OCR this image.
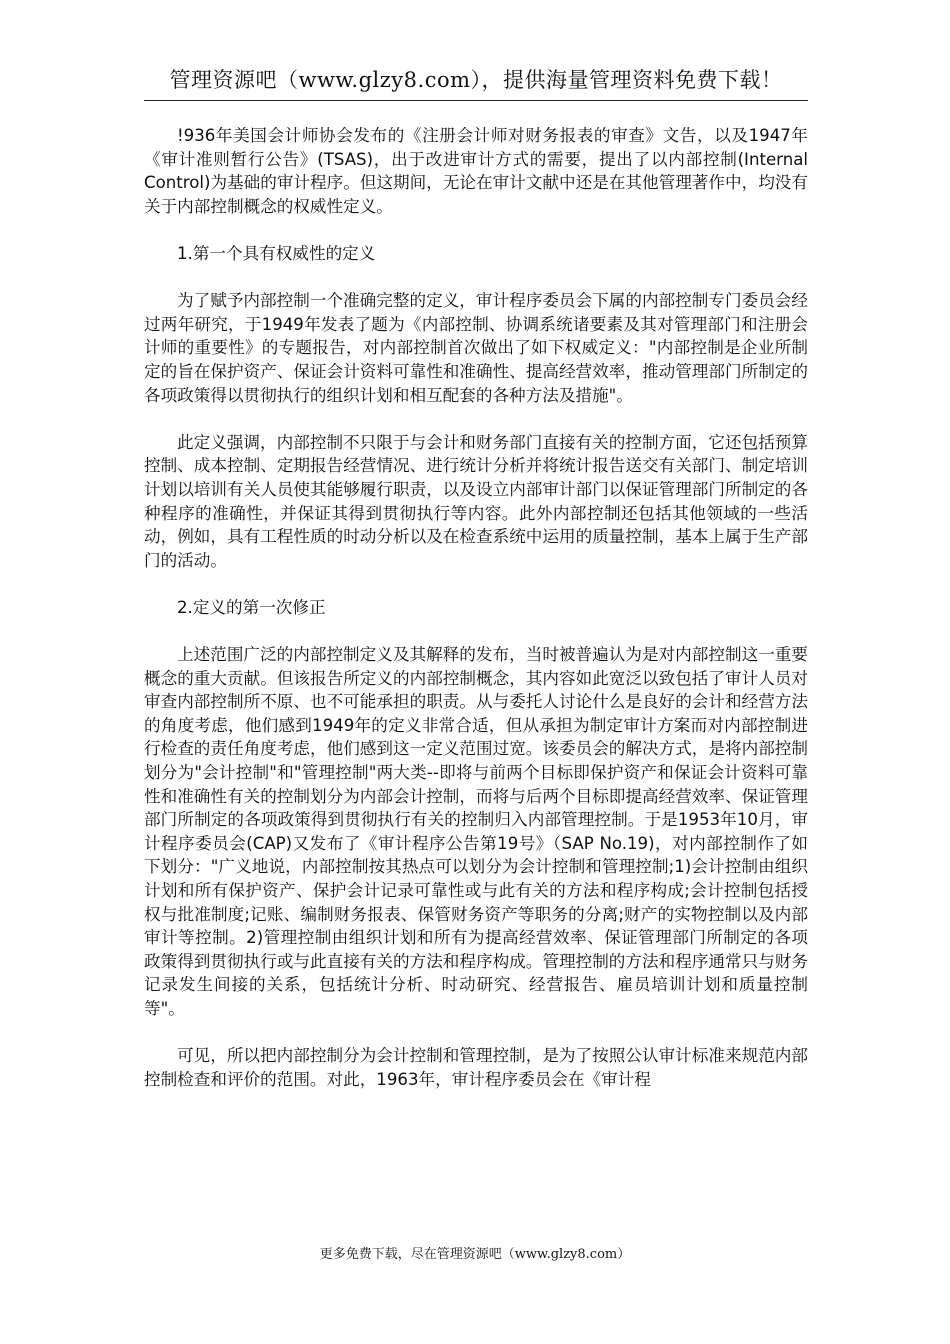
管理资源吧（www.glzy8.com），提供海量管理资料免费下载！

!936年美国会计师协会发布的《注册会计师对财务报表的审查》文告，以及1947年《审计准则暂行公告》(TSAS)，出于改进审计方式的需要，提出了以内部控制(Internal Control)为基础的审计程序。但这期间，无论在审计文献中还是在其他管理著作中，均没有关于内部控制概念的权威性定义。

1.第一个具有权威性的定义

为了赋予内部控制一个准确完整的定义，审计程序委员会下属的内部控制专门委员会经过两年研究，于1949年发表了题为《内部控制、协调系统诸要素及其对管理部门和注册会计师的重要性》的专题报告，对内部控制首次做出了如下权威定义："内部控制是企业所制定的旨在保护资产、保证会计资料可靠性和准确性、提高经营效率，推动管理部门所制定的各项政策得以贯彻执行的组织计划和相互配套的各种方法及措施"。

此定义强调，内部控制不只限于与会计和财务部门直接有关的控制方面，它还包括预算控制、成本控制、定期报告经营情况、进行统计分析并将统计报告送交有关部门、制定培训计划以培训有关人员使其能够履行职责，以及设立内部审计部门以保证管理部门所制定的各种程序的准确性，并保证其得到贯彻执行等内容。此外内部控制还包括其他领域的一些活动，例如，具有工程性质的时动分析以及在检查系统中运用的质量控制，基本上属于生产部门的活动。

2.定义的第一次修正

上述范围广泛的内部控制定义及其解释的发布，当时被普遍认为是对内部控制这一重要概念的重大贡献。但该报告所定义的内部控制概念，其内容如此宽泛以致包括了审计人员对审查内部控制所不原、也不可能承担的职责。从与委托人讨论什么是良好的会计和经营方法的角度考虑，他们感到1949年的定义非常合适，但从承担为制定审计方案而对内部控制进行检查的责任角度考虑，他们感到这一定义范围过宽。该委员会的解决方式，是将内部控制划分为"会计控制"和"管理控制"两大类--即将与前两个目标即保护资产和保证会计资料可靠性和准确性有关的控制划分为内部会计控制，而将与后两个目标即提高经营效率、保证管理部门所制定的各项政策得到贯彻执行有关的控制归入内部管理控制。于是1953年10月，审计程序委员会(CAP)又发布了《审计程序公告第19号》（SAP No.19)，对内部控制作了如下划分："广义地说，内部控制按其热点可以划分为会计控制和管理控制;1)会计控制由组织计划和所有保护资产、保护会计记录可靠性或与此有关的方法和程序构成;会计控制包括授权与批准制度;记账、编制财务报表、保管财务资产等职务的分离;财产的实物控制以及内部审计等控制。2)管理控制由组织计划和所有为提高经营效率、保证管理部门所制定的各项政策得到贯彻执行或与此直接有关的方法和程序构成。管理控制的方法和程序通常只与财务记录发生间接的关系，包括统计分析、时动研究、经营报告、雇员培训计划和质量控制等"。

可见，所以把内部控制分为会计控制和管理控制，是为了按照公认审计标准来规范内部控制检查和评价的范围。对此，1963年，审计程序委员会在《审计程

更多免费下载，尽在管理资源吧（www.glzy8.com）
